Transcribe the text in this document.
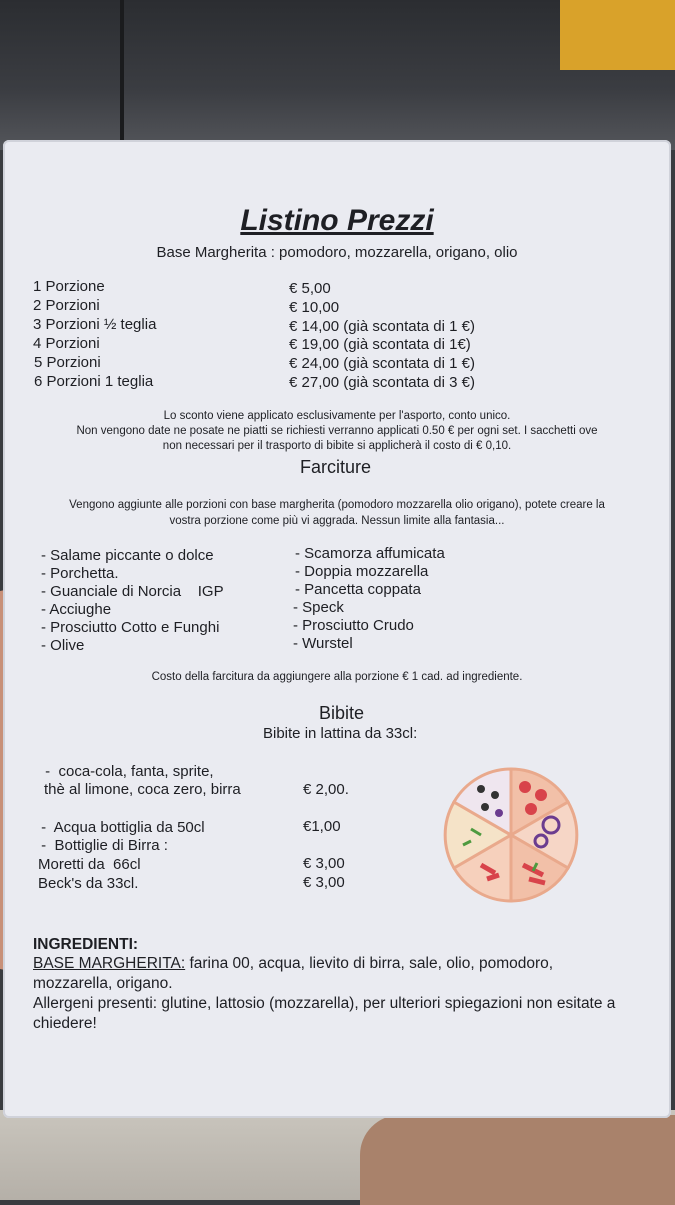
Listino Prezzi
Base Margherita : pomodoro, mozzarella, origano, olio
1 Porzione	€ 5,00
2 Porzioni	€ 10,00
3 Porzioni ½ teglia	€ 14,00 (già scontata di 1 €)
4 Porzioni	€ 19,00 (già scontata di 1€)
5 Porzioni	€ 24,00 (già scontata di 1 €)
6 Porzioni 1 teglia	€ 27,00 (già scontata di 3 €)
Lo sconto viene applicato esclusivamente per l'asporto, conto unico.
Non vengono date ne posate ne piatti se richiesti verranno applicati 0.50 € per ogni set. I sacchetti ove
non necessari per il trasporto di bibite si applicherà il costo di € 0,10.
Farciture
Vengono aggiunte alle porzioni con base margherita (pomodoro mozzarella olio origano), potete creare la
vostra porzione come più vi aggrada. Nessun limite alla fantasia...
- Salame piccante o dolce
- Porchetta.
- Guanciale di Norcia    IGP
- Acciughe
- Prosciutto Cotto e Funghi
- Olive
- Scamorza affumicata
- Doppia mozzarella
- Pancetta coppata
- Speck
- Prosciutto Crudo
- Wurstel
Costo della farcitura da aggiungere alla porzione € 1 cad. ad ingrediente.
Bibite
Bibite in lattina da 33cl:
-  coca-cola, fanta, sprite,
thè al limone, coca zero, birra	€ 2,00.
-  Acqua bottiglia da 50cl	€1,00
-  Bottiglie di Birra :
Moretti da  66cl	€ 3,00
Beck's da 33cl.	€ 3,00
INGREDIENTI:
BASE MARGHERITA: farina 00, acqua, lievito di birra, sale, olio, pomodoro,
mozzarella, origano.
Allergeni presenti: glutine, lattosio (mozzarella), per ulteriori spiegazioni non esitate a
chiedere!
